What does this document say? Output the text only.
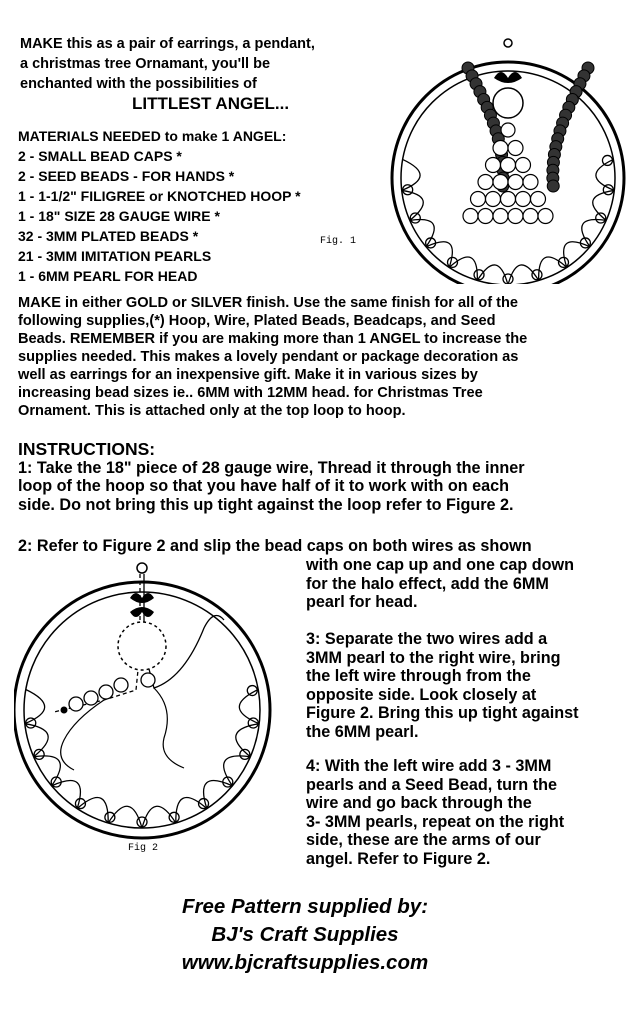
MAKE this as a pair of earrings, a pendant,
a christmas tree Ornamant, you'll be
enchanted with the possibilities of
LITTLEST ANGEL...
MATERIALS NEEDED to make 1 ANGEL:
2 - SMALL BEAD CAPS *
2 - SEED BEADS - FOR HANDS *
1 - 1-1/2" FILIGREE or KNOTCHED HOOP *
1 - 18" SIZE 28 GAUGE WIRE *
32 - 3MM PLATED BEADS *
21 - 3MM IMITATION PEARLS
1 - 6MM PEARL FOR HEAD
Fig. 1
MAKE in either GOLD or SILVER finish. Use the same finish for all of the
following supplies,(*) Hoop, Wire, Plated Beads, Beadcaps, and Seed
Beads. REMEMBER if you are making more than 1 ANGEL to increase the
supplies needed. This makes a lovely pendant or package decoration as
well as earrings for an inexpensive gift. Make it in various sizes by
increasing bead sizes ie.. 6MM with 12MM head. for Christmas Tree
Ornament. This is attached only at the top loop to hoop.
INSTRUCTIONS:
1: Take the 18" piece of 28 gauge wire, Thread it through the inner
loop of the hoop so that you have half of it to work with on each
side. Do not bring this up tight against the loop refer to Figure 2.
2: Refer to Figure 2 and slip the bead caps on both wires as shown
with one cap up and one cap down
for the halo effect, add the 6MM
pearl for head.
3: Separate the two wires add a
3MM pearl to the right wire, bring
the left wire through from the
opposite side. Look closely at
Figure 2. Bring this up tight against
the 6MM pearl.
4: With the left wire add 3 - 3MM
pearls and a Seed Bead, turn the
wire and go back through the
3- 3MM pearls, repeat on the right
side, these are the arms of our
angel. Refer to Figure 2.
Fig 2
Free Pattern supplied by:
BJ's Craft Supplies
www.bjcraftsupplies.com
